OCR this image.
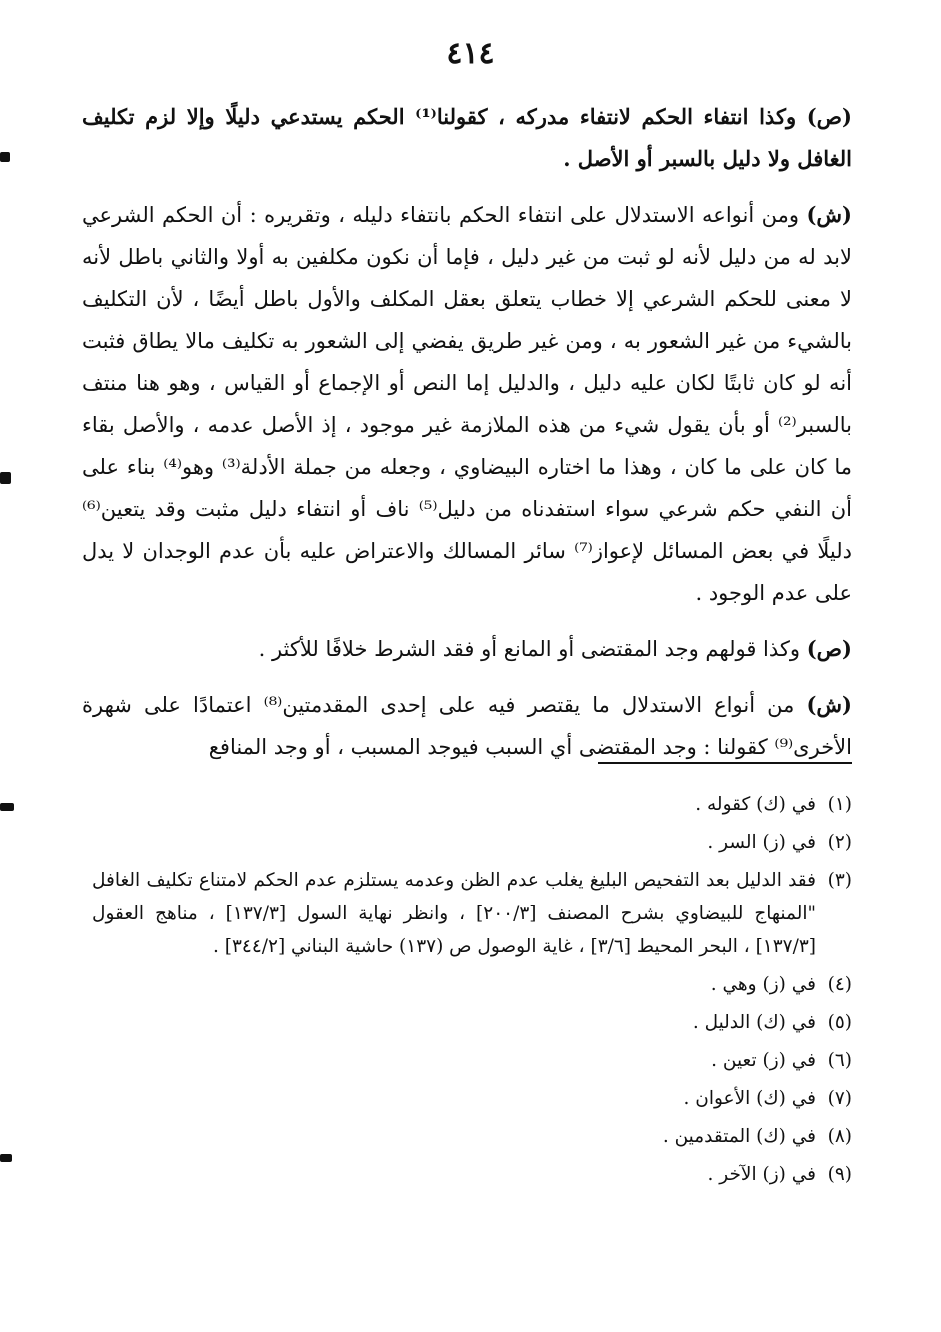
٤١٤

(ص) وكذا انتفاء الحكم لانتفاء مدركه ، كقولنا⁽¹⁾ الحكم يستدعي دليلًا وإلا لزم تكليف الغافل ولا دليل بالسبر أو الأصل .

(ش) ومن أنواعه الاستدلال على انتفاء الحكم بانتفاء دليله ، وتقريره : أن الحكم الشرعي لابد له من دليل لأنه لو ثبت من غير دليل ، فإما أن نكون مكلفين به أولا والثاني باطل لأنه لا معنى للحكم الشرعي إلا خطاب يتعلق بعقل المكلف والأول باطل أيضًا ، لأن التكليف بالشيء من غير الشعور به ، ومن غير طريق يفضي إلى الشعور به تكليف مالا يطاق فثبت أنه لو كان ثابتًا لكان عليه دليل ، والدليل إما النص أو الإجماع أو القياس ، وهو هنا منتف بالسبر⁽²⁾ أو بأن يقول شيء من هذه الملازمة غير موجود ، إذ الأصل عدمه ، والأصل بقاء ما كان على ما كان ، وهذا ما اختاره البيضاوي ، وجعله من جملة الأدلة⁽³⁾ وهو⁽⁴⁾ بناء على أن النفي حكم شرعي سواء استفدناه من دليل⁽⁵⁾ ناف أو انتفاء دليل مثبت وقد يتعين⁽⁶⁾ دليلًا في بعض المسائل لإعواز⁽⁷⁾ سائر المسالك والاعتراض عليه بأن عدم الوجدان لا يدل على عدم الوجود .

(ص) وكذا قولهم وجد المقتضى أو المانع أو فقد الشرط خلافًا للأكثر .

(ش) من أنواع الاستدلال ما يقتصر فيه على إحدى المقدمتين⁽⁸⁾ اعتمادًا على شهرة الأخرى⁽⁹⁾ كقولنا : وجد المقتضى أي السبب فيوجد المسبب ، أو وجد المنافع

(١)
في (ك) كقوله .
(٢)
في (ز) السر .
(٣)
فقد الدليل بعد التفحيص البليغ يغلب عدم الظن وعدمه يستلزم عدم الحكم لامتناع تكليف الغافل "المنهاج للبيضاوي بشرح المصنف [٢٠٠/٣] ، وانظر نهاية السول [١٣٧/٣] ، مناهج العقول [١٣٧/٣] ، البحر المحيط [٣/٦] ، غاية الوصول ص (١٣٧) حاشية البناني [٣٤٤/٢] .
(٤)
في (ز) وهي .
(٥)
في (ك) الدليل .
(٦)
في (ز) تعين .
(٧)
في (ك) الأعوان .
(٨)
في (ك) المتقدمين .
(٩)
في (ز) الآخر .
